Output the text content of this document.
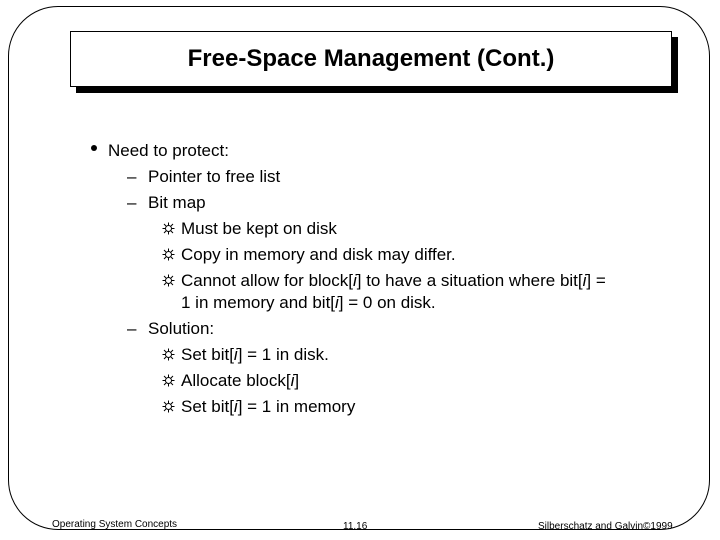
Free-Space Management (Cont.)
Need to protect:
– Pointer to free list
– Bit map
Must be kept on disk
Copy in memory and disk may differ.
Cannot allow for block[i] to have a situation where bit[i] =
1 in memory and bit[i] = 0 on disk.
– Solution:
Set bit[i] = 1 in disk.
Allocate block[i]
Set bit[i] = 1 in memory
Operating System Concepts	11.16	Silberschatz and Galvin©1999
